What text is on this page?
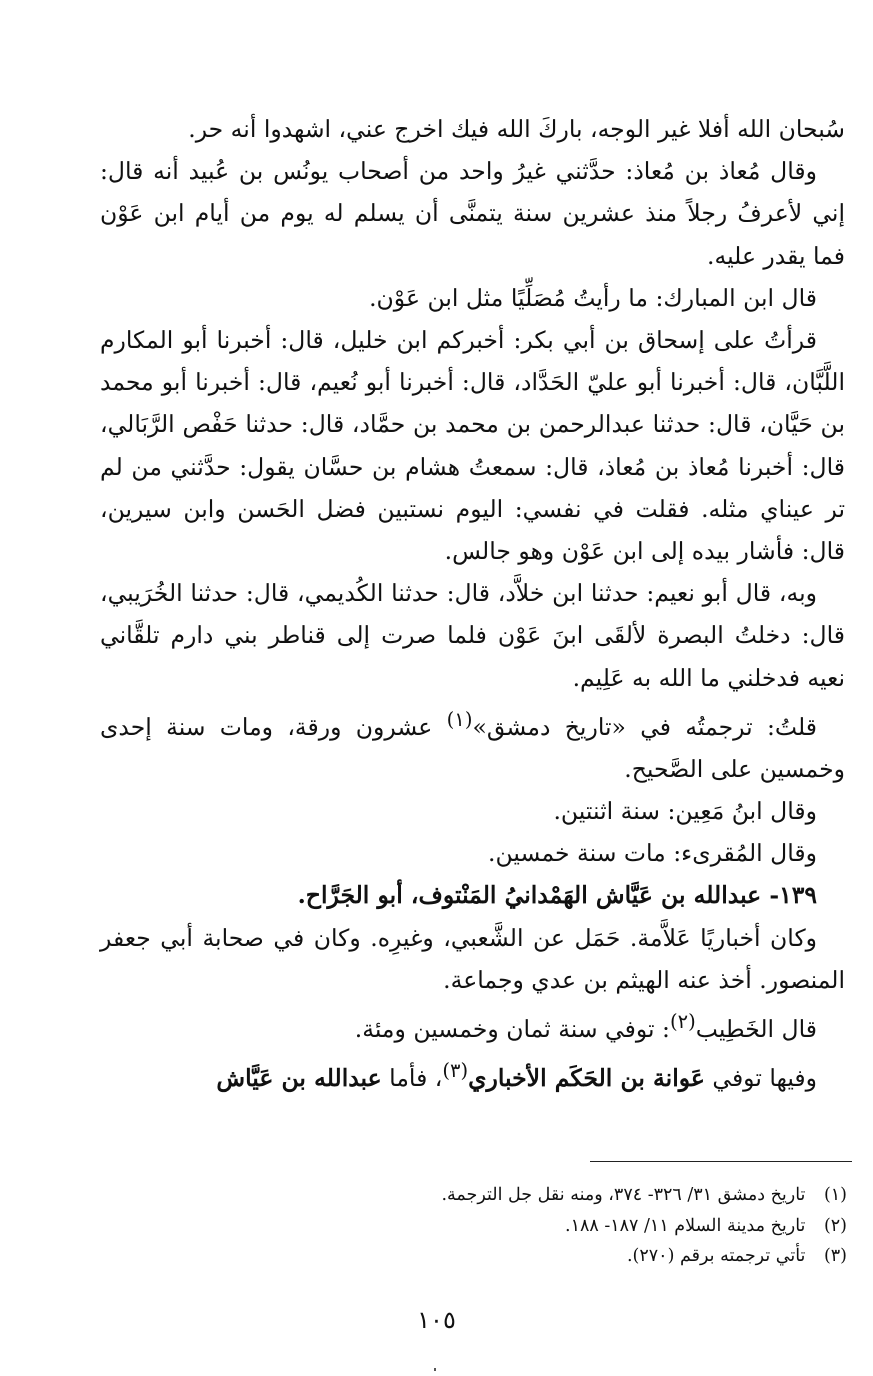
سُبحان الله أفلا غير الوجه، باركَ الله فيك اخرج عني، اشهدوا أنه حر.

وقال مُعاذ بن مُعاذ: حدَّثني غيرُ واحد من أصحاب يونُس بن عُبيد أنه قال: إني لأعرفُ رجلاً منذ عشرين سنة يتمنَّى أن يسلم له يوم من أيام ابن عَوْن فما يقدر عليه.

قال ابن المبارك: ما رأيتُ مُصَلِّيًا مثل ابن عَوْن.

قرأتُ على إسحاق بن أبي بكر: أخبركم ابن خليل، قال: أخبرنا أبو المكارم اللَّبَّان، قال: أخبرنا أبو عليّ الحَدَّاد، قال: أخبرنا أبو نُعيم، قال: أخبرنا أبو محمد بن حَيَّان، قال: حدثنا عبدالرحمن بن محمد بن حمَّاد، قال: حدثنا حَفْص الرَّبَالي، قال: أخبرنا مُعاذ بن مُعاذ، قال: سمعتُ هشام بن حسَّان يقول: حدَّثني من لم تر عيناي مثله. فقلت في نفسي: اليوم نستبين فضل الحَسن وابن سيرين، قال: فأشار بيده إلى ابن عَوْن وهو جالس.

وبه، قال أبو نعيم: حدثنا ابن خلاَّد، قال: حدثنا الكُديمي، قال: حدثنا الخُرَيبي، قال: دخلتُ البصرة لألقَى ابنَ عَوْن فلما صرت إلى قناطر بني دارم تلقَّاني نعيه فدخلني ما الله به عَلِيم.

قلتُ: ترجمتُه في «تاريخ دمشق»$^{(١)}$ عشرون ورقة، ومات سنة إحدى وخمسين على الصَّحيح.

وقال ابنُ مَعِين: سنة اثنتين.

وقال المُقرىء: مات سنة خمسين.

١٣٩- عبدالله بن عَيَّاش الهَمْدانيُ المَنْتوف، أبو الجَرَّاح.

وكان أخباريًا عَلاَّمة. حَمَل عن الشَّعبي، وغيرِه. وكان في صحابة أبي جعفر المنصور. أخذ عنه الهيثم بن عدي وجماعة.

قال الخَطِيب$^{(٢)}$: توفي سنة ثمان وخمسين ومئة.

وفيها توفي عَوانة بن الحَكَم الأخباري$^{(٣)}$، فأما عبدالله بن عَيَّاش

(١) تاريخ دمشق ٣١/ ٣٢٦- ٣٧٤، ومنه نقل جل الترجمة.

(٢) تاريخ مدينة السلام ١١/ ١٨٧- ١٨٨.

(٣) تأتي ترجمته برقم (٢٧٠).

١٠٥
